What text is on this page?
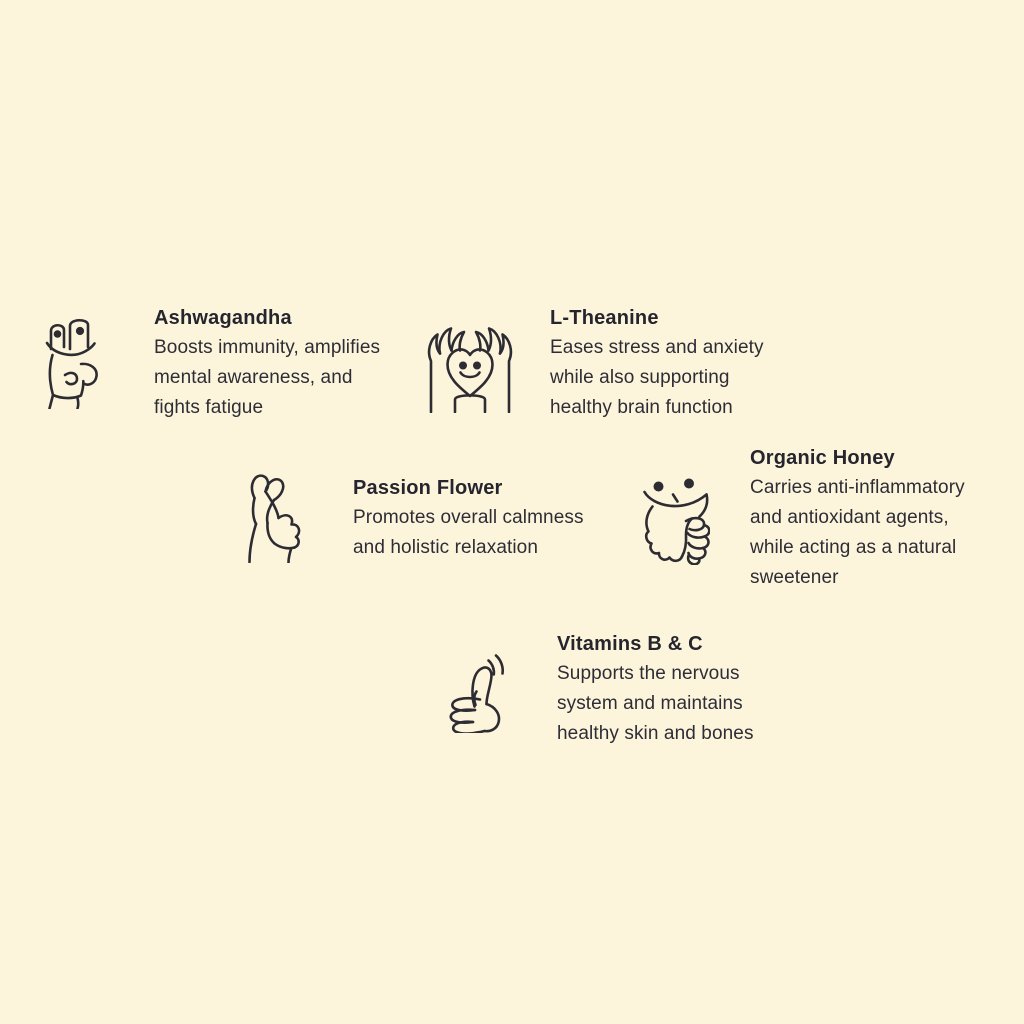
Ashwagandha

Boosts immunity, amplifies

mental awareness, and

fights fatigue

L-Theanine

Eases stress and anxiety

while also supporting

healthy brain function

Passion Flower

Promotes overall calmness

and holistic relaxation

Organic Honey

Carries anti-inflammatory

and antioxidant agents,

while acting as a natural

sweetener

Vitamins B & C

Supports the nervous

system and maintains

healthy skin and bones
